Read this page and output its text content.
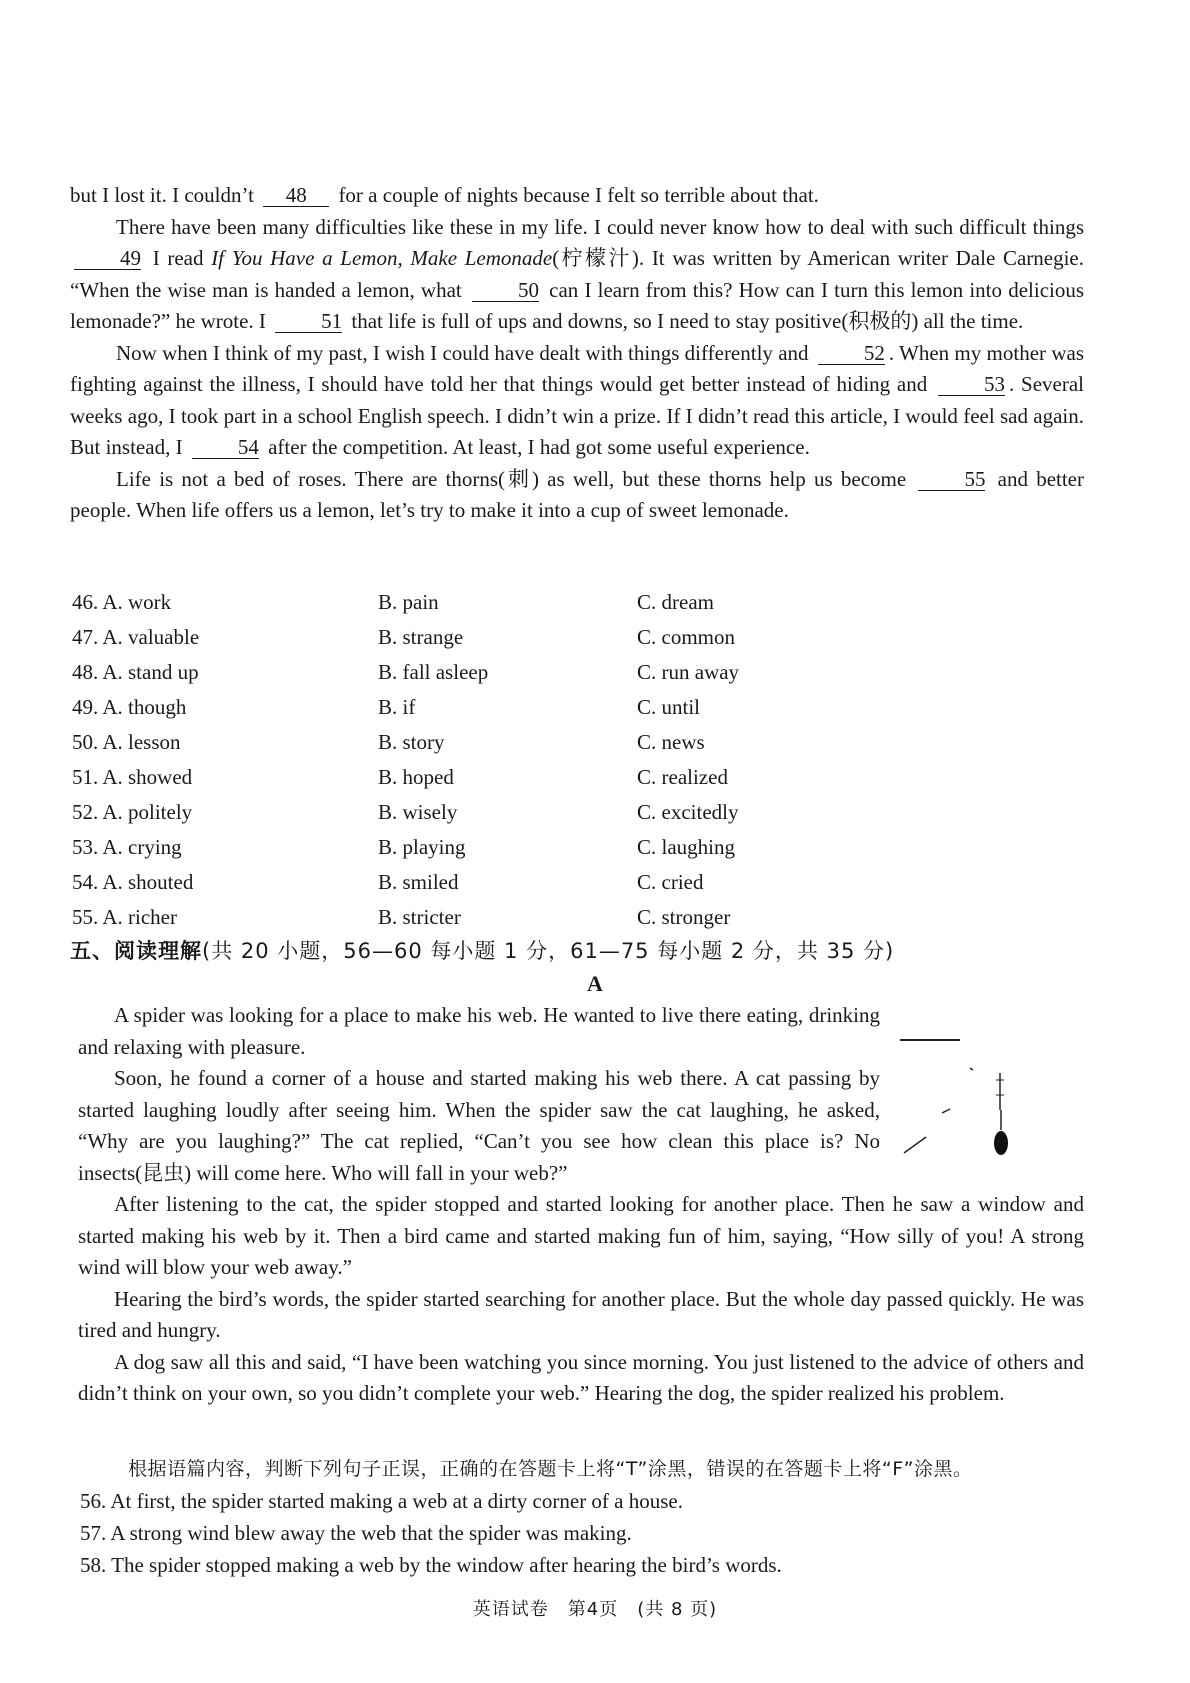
but I lost it. I couldn’t 48 for a couple of nights because I felt so terrible about that.

There have been many difficulties like these in my life. I could never know how to deal with such difficult things 49 I read If You Have a Lemon, Make Lemonade(柠檬汁). It was written by American writer Dale Carnegie. “When the wise man is handed a lemon, what	50 can I learn from this? How can I turn this lemon into delicious lemonade?” he wrote. I	51 that life is full of ups and downs, so I need to stay positive(积极的) all the time.

Now when I think of my past, I wish I could have dealt with things differently and	52 . When my mother was fighting against the illness, I should have told her that things would get better instead of hiding and	53 . Several weeks ago, I took part in a school English speech. I didn’t win a prize. If I didn’t read this article, I would feel sad again. But instead, I	54 after the competition. At least, I had got some useful experience.

Life is not a bed of roses. There are thorns(刺) as well, but these thorns help us become	55 and better people. When life offers us a lemon, let’s try to make it into a cup of sweet lemonade.

46. A. work	B. pain	C. dream
47. A. valuable	B. strange	C. common
48. A. stand up	B. fall asleep	C. run away
49. A. though	B. if	C. until
50. A. lesson	B. story	C. news
51. A. showed	B. hoped	C. realized
52. A. politely	B. wisely	C. excitedly
53. A. crying	B. playing	C. laughing
54. A. shouted	B. smiled	C. cried
55. A. richer	B. stricter	C. stronger
五、阅读理解(共 20 小题，56—60 每小题 1 分，61—75 每小题 2 分，共 35 分)
A

A spider was looking for a place to make his web. He wanted to live there eating, drinking and relaxing with pleasure.

Soon, he found a corner of a house and started making his web there. A cat passing by started laughing loudly after seeing him. When the spider saw the cat laughing, he asked, “Why are you laughing?” The cat replied, “Can’t you see how clean this place is? No insects(昆虫) will come here. Who will fall in your web?”

After listening to the cat, the spider stopped and started looking for another place. Then he saw a window and started making his web by it. Then a bird came and started making fun of him, saying, “How silly of you! A strong wind will blow your web away.”

Hearing the bird’s words, the spider started searching for another place. But the whole day passed quickly. He was tired and hungry.

A dog saw all this and said, “I have been watching you since morning. You just listened to the advice of others and didn’t think on your own, so you didn’t complete your web.” Hearing the dog, the spider realized his problem.

根据语篇内容，判断下列句子正误，正确的在答题卡上将“T”涂黑，错误的在答题卡上将“F”涂黑。
56. At first, the spider started making a web at a dirty corner of a house.
57. A strong wind blew away the web that the spider was making.
58. The spider stopped making a web by the window after hearing the bird’s words.
英语试卷　第4页　(共 8 页)
